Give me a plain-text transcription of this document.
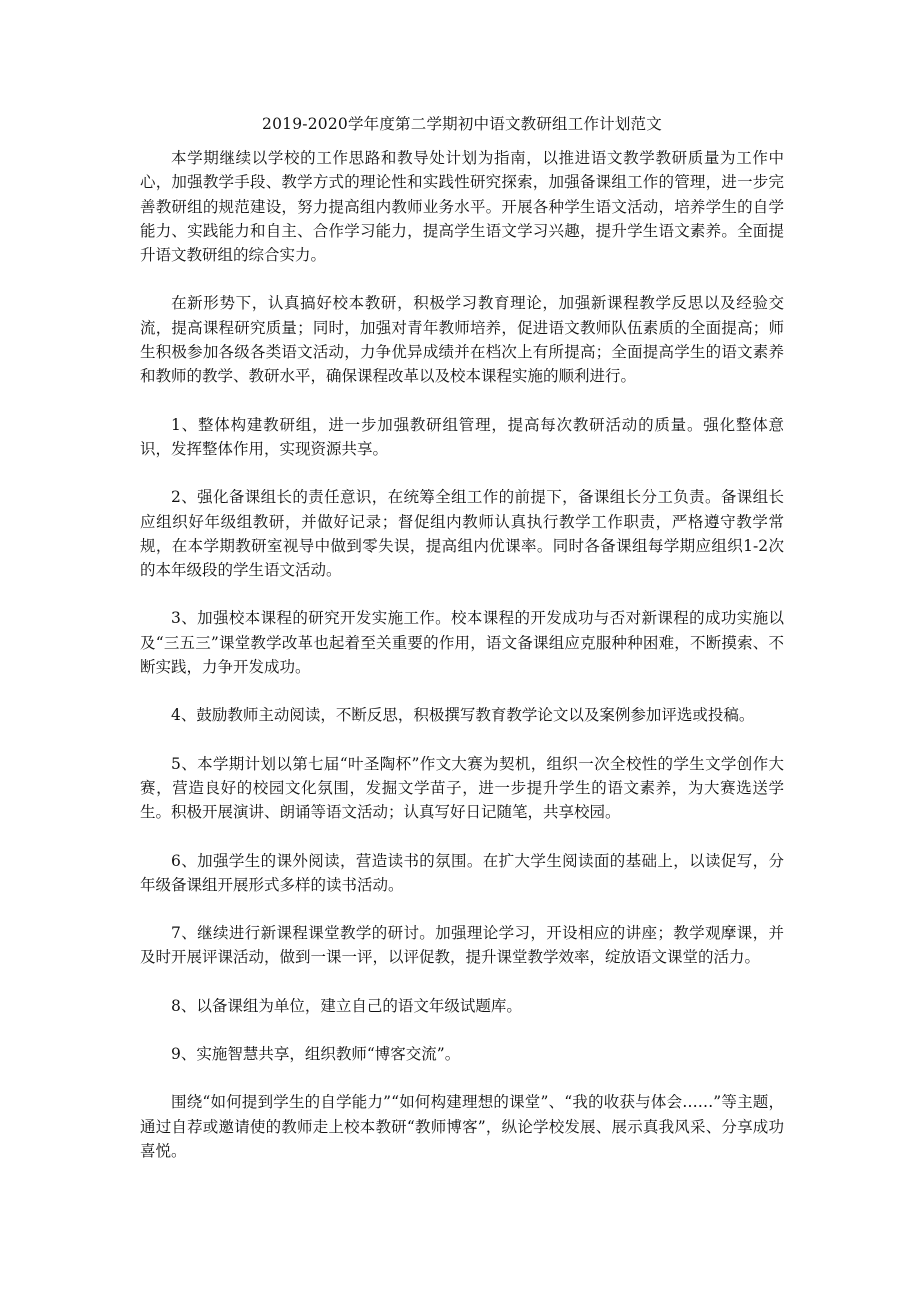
2019-2020学年度第二学期初中语文教研组工作计划范文

本学期继续以学校的工作思路和教导处计划为指南，以推进语文教学教研质量为工作中心，加强教学手段、教学方式的理论性和实践性研究探索，加强备课组工作的管理，进一步完善教研组的规范建设，努力提高组内教师业务水平。开展各种学生语文活动，培养学生的自学能力、实践能力和自主、合作学习能力，提高学生语文学习兴趣，提升学生语文素养。全面提升语文教研组的综合实力。

在新形势下，认真搞好校本教研，积极学习教育理论，加强新课程教学反思以及经验交流，提高课程研究质量；同时，加强对青年教师培养，促进语文教师队伍素质的全面提高；师生积极参加各级各类语文活动，力争优异成绩并在档次上有所提高；全面提高学生的语文素养和教师的教学、教研水平，确保课程改革以及校本课程实施的顺利进行。

1、整体构建教研组，进一步加强教研组管理，提高每次教研活动的质量。强化整体意识，发挥整体作用，实现资源共享。

2、强化备课组长的责任意识，在统筹全组工作的前提下，备课组长分工负责。备课组长应组织好年级组教研，并做好记录；督促组内教师认真执行教学工作职责，严格遵守教学常规，在本学期教研室视导中做到零失误，提高组内优课率。同时各备课组每学期应组织1-2次的本年级段的学生语文活动。

3、加强校本课程的研究开发实施工作。校本课程的开发成功与否对新课程的成功实施以及“三五三”课堂教学改革也起着至关重要的作用，语文备课组应克服种种困难，不断摸索、不断实践，力争开发成功。

4、鼓励教师主动阅读，不断反思，积极撰写教育教学论文以及案例参加评选或投稿。

5、本学期计划以第七届“叶圣陶杯”作文大赛为契机，组织一次全校性的学生文学创作大赛，营造良好的校园文化氛围，发掘文学苗子，进一步提升学生的语文素养，为大赛选送学生。积极开展演讲、朗诵等语文活动；认真写好日记随笔，共享校园。

6、加强学生的课外阅读，营造读书的氛围。在扩大学生阅读面的基础上，以读促写，分年级备课组开展形式多样的读书活动。

7、继续进行新课程课堂教学的研讨。加强理论学习，开设相应的讲座；教学观摩课，并及时开展评课活动，做到一课一评，以评促教，提升课堂教学效率，绽放语文课堂的活力。

8、以备课组为单位，建立自己的语文年级试题库。

9、实施智慧共享，组织教师“博客交流”。

围绕“如何提到学生的自学能力”“如何构建理想的课堂”、“我的收获与体会……”等主题，通过自荐或邀请使的教师走上校本教研“教师博客”，纵论学校发展、展示真我风采、分享成功喜悦。
